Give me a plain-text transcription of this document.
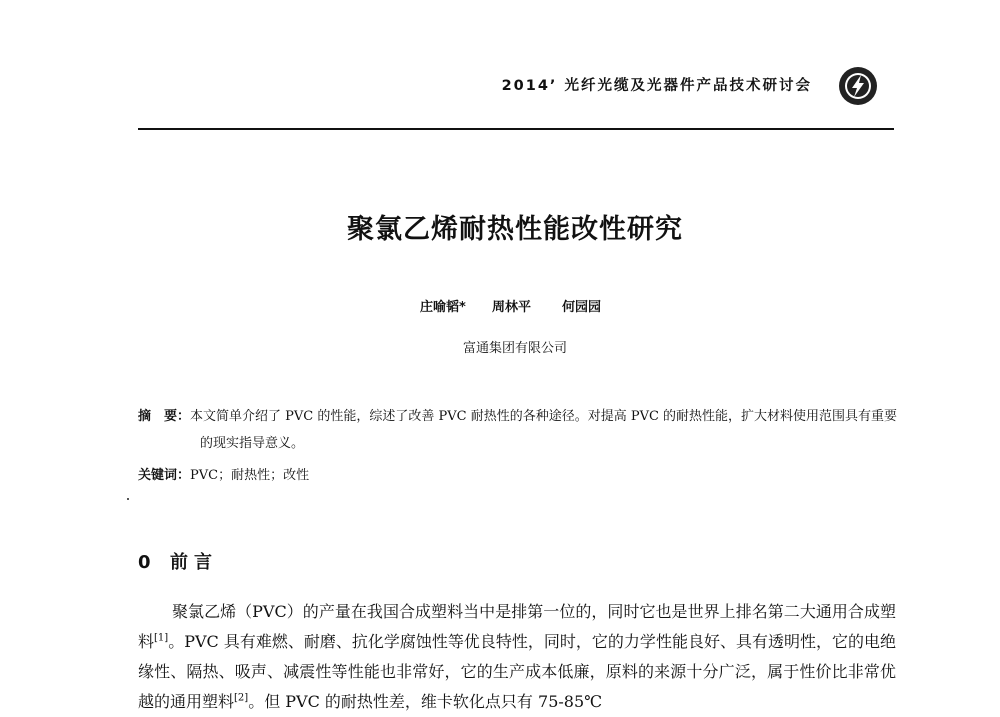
2014’ 光纤光缆及光器件产品技术研讨会
聚氯乙烯耐热性能改性研究
庄喻韬* 周林平 何园园
富通集团有限公司
摘　要：本文简单介绍了 PVC 的性能，综述了改善 PVC 耐热性的各种途径。对提高 PVC 的耐热性能，扩大材料使用范围具有重要的现实指导意义。
关键词：PVC；耐热性；改性
0 前言
聚氯乙烯（PVC）的产量在我国合成塑料当中是排第一位的，同时它也是世界上排名第二大通用合成塑料[1]。PVC 具有难燃、耐磨、抗化学腐蚀性等优良特性，同时，它的力学性能良好、具有透明性，它的电绝缘性、隔热、吸声、减震性等性能也非常好，它的生产成本低廉，原料的来源十分广泛，属于性价比非常优越的通用塑料[2]。但 PVC 的耐热性差，维卡软化点只有 75-85℃
